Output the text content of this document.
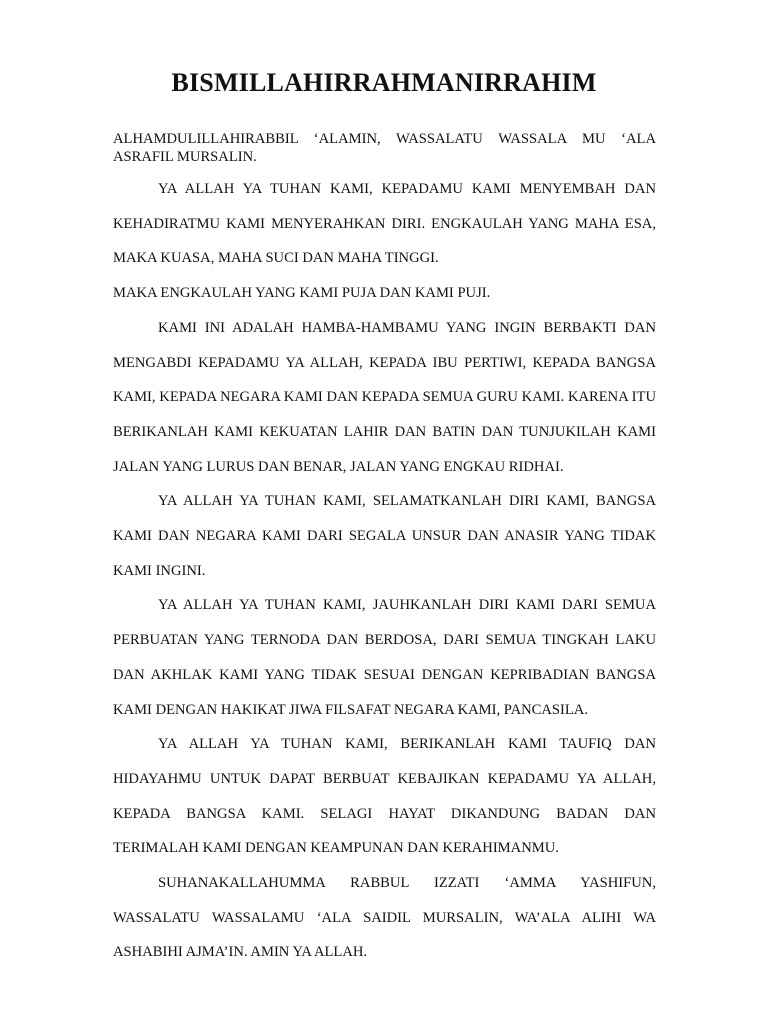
BISMILLAHIRRAHMANIRRAHIM
ALHAMDULILLAHIRABBIL ‘ALAMIN, WASSALATU WASSALA MU ‘ALA ASRAFIL MURSALIN.

YA ALLAH YA TUHAN KAMI, KEPADAMU KAMI MENYEMBAH DAN KEHADIRATMU KAMI MENYERAHKAN DIRI. ENGKAULAH YANG MAHA ESA, MAKA KUASA, MAHA SUCI DAN MAHA TINGGI.

MAKA ENGKAULAH YANG KAMI PUJA DAN KAMI PUJI.

KAMI INI ADALAH HAMBA-HAMBAMU YANG INGIN BERBAKTI DAN MENGABDI KEPADAMU YA ALLAH, KEPADA IBU PERTIWI, KEPADA BANGSA KAMI, KEPADA NEGARA KAMI DAN KEPADA SEMUA GURU KAMI. KARENA ITU BERIKANLAH KAMI KEKUATAN LAHIR DAN BATIN DAN TUNJUKILAH KAMI JALAN YANG LURUS DAN BENAR, JALAN YANG ENGKAU RIDHAI.

YA ALLAH YA TUHAN KAMI, SELAMATKANLAH DIRI KAMI, BANGSA KAMI DAN NEGARA KAMI DARI SEGALA UNSUR DAN ANASIR YANG TIDAK KAMI INGINI.

YA ALLAH YA TUHAN KAMI, JAUHKANLAH DIRI KAMI DARI SEMUA PERBUATAN YANG TERNODA DAN BERDOSA, DARI SEMUA TINGKAH LAKU DAN AKHLAK KAMI YANG TIDAK SESUAI DENGAN KEPRIBADIAN BANGSA KAMI DENGAN HAKIKAT JIWA FILSAFAT NEGARA KAMI, PANCASILA.

YA ALLAH YA TUHAN KAMI, BERIKANLAH KAMI TAUFIQ DAN HIDAYAHMU UNTUK DAPAT BERBUAT KEBAJIKAN KEPADAMU YA ALLAH, KEPADA BANGSA KAMI. SELAGI HAYAT DIKANDUNG BADAN DAN TERIMALAH KAMI DENGAN KEAMPUNAN DAN KERAHIMANMU.

SUHANAKALLAHUMMA RABBUL IZZATI ‘AMMA YASHIFUN, WASSALATU WASSALAMU ‘ALA SAIDIL MURSALIN, WA’ALA ALIHI WA ASHABIHI AJMA’IN. AMIN YA ALLAH.
